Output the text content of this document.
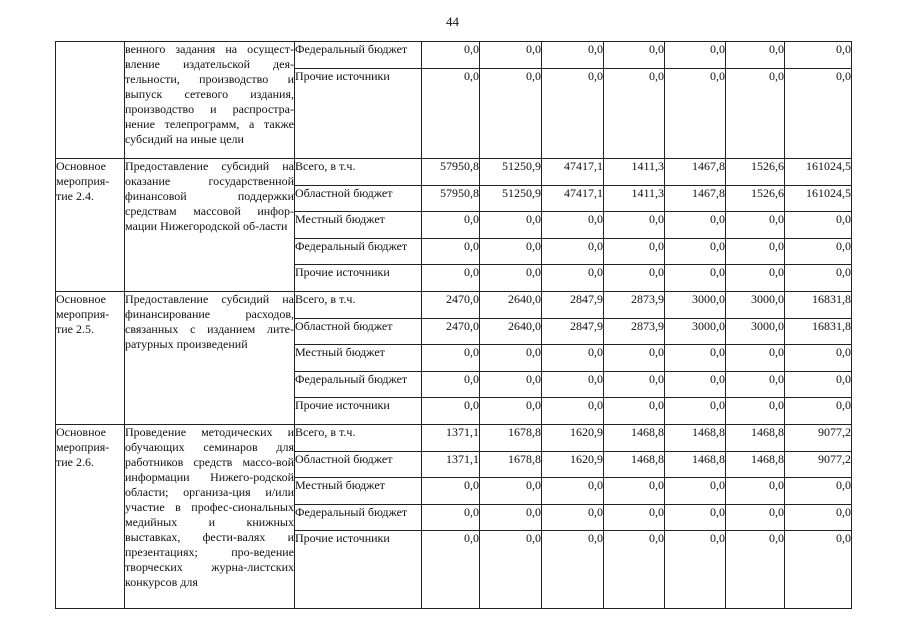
44

	венного задания на осущест-вление издательской дея-тельности, производство и выпуск сетевого издания, производство и распростра-нение телепрограмм, а также субсидий на иные цели	Федеральный бюджет	0,0	0,0	0,0	0,0	0,0	0,0	0,0
		Прочие источники	0,0	0,0	0,0	0,0	0,0	0,0	0,0
Основное мероприя-тие 2.4.	Предоставление субсидий на оказание государственной финансовой поддержки средствам массовой инфор-мации Нижегородской об-ласти	Всего, в т.ч.	57950,8	51250,9	47417,1	1411,3	1467,8	1526,6	161024,5
		Областной бюджет	57950,8	51250,9	47417,1	1411,3	1467,8	1526,6	161024,5
		Местный бюджет	0,0	0,0	0,0	0,0	0,0	0,0	0,0
		Федеральный бюджет	0,0	0,0	0,0	0,0	0,0	0,0	0,0
		Прочие источники	0,0	0,0	0,0	0,0	0,0	0,0	0,0
Основное мероприя-тие 2.5.	Предоставление субсидий на финансирование расходов, связанных с изданием лите-ратурных произведений	Всего, в т.ч.	2470,0	2640,0	2847,9	2873,9	3000,0	3000,0	16831,8
		Областной бюджет	2470,0	2640,0	2847,9	2873,9	3000,0	3000,0	16831,8
		Местный бюджет	0,0	0,0	0,0	0,0	0,0	0,0	0,0
		Федеральный бюджет	0,0	0,0	0,0	0,0	0,0	0,0	0,0
		Прочие источники	0,0	0,0	0,0	0,0	0,0	0,0	0,0
Основное мероприя-тие 2.6.	Проведение методических и обучающих семинаров для работников средств массо-вой информации Нижего-родской области; организа-ция и/или участие в профес-сиональных медийных и книжных выставках, фести-валях и презентациях; про-ведение творческих журна-листских конкурсов для	Всего, в т.ч.	1371,1	1678,8	1620,9	1468,8	1468,8	1468,8	9077,2
		Областной бюджет	1371,1	1678,8	1620,9	1468,8	1468,8	1468,8	9077,2
		Местный бюджет	0,0	0,0	0,0	0,0	0,0	0,0	0,0
		Федеральный бюджет	0,0	0,0	0,0	0,0	0,0	0,0	0,0
		Прочие источники	0,0	0,0	0,0	0,0	0,0	0,0	0,0
